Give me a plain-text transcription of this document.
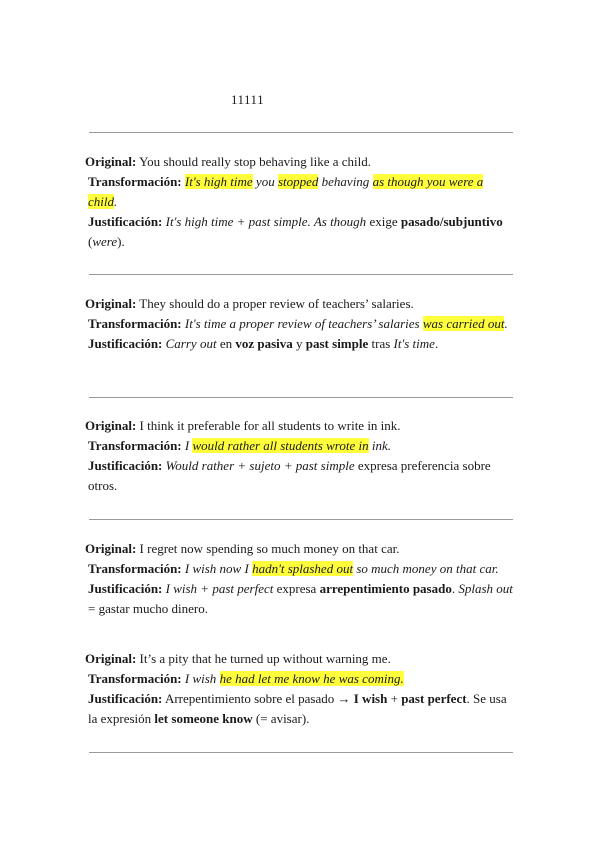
11111
Original: You should really stop behaving like a child.
Transformación: It's high time you stopped behaving as though you were a child.
Justificación: It's high time + past simple. As though exige pasado/subjuntivo (were).
Original: They should do a proper review of teachers’ salaries.
Transformación: It's time a proper review of teachers’ salaries was carried out.
Justificación: Carry out en voz pasiva y past simple tras It's time.
Original: I think it preferable for all students to write in ink.
Transformación: I would rather all students wrote in ink.
Justificación: Would rather + sujeto + past simple expresa preferencia sobre otros.
Original: I regret now spending so much money on that car.
Transformación: I wish now I hadn't splashed out so much money on that car.
Justificación: I wish + past perfect expresa arrepentimiento pasado. Splash out = gastar mucho dinero.
Original: It’s a pity that he turned up without warning me.
Transformación: I wish he had let me know he was coming.
Justificación: Arrepentimiento sobre el pasado → I wish + past perfect. Se usa la expresión let someone know (= avisar).
